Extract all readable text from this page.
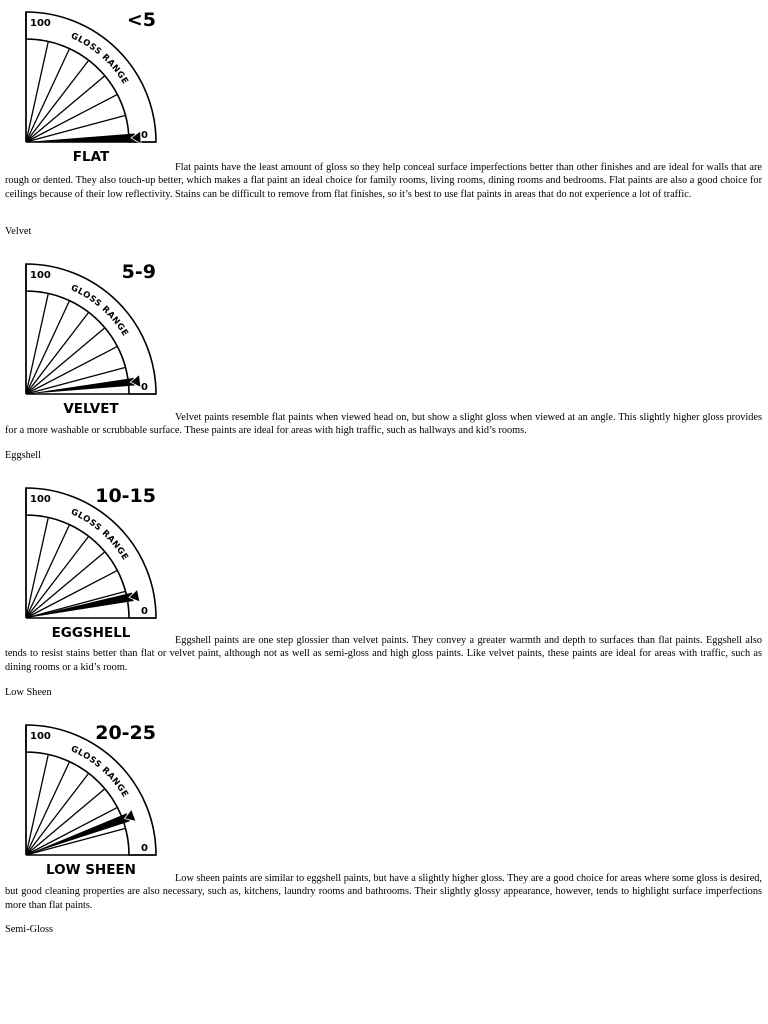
100
0
GLOSS RANGE
<5
FLAT

Flat paints have the least amount of gloss so they help conceal surface imperfections better than other finishes and are ideal for walls that are rough or dented. They also touch-up better, which makes a flat paint an ideal choice for family rooms, living rooms, dining rooms and bedrooms. Flat paints are also a good choice for ceilings because of their low reflectivity. Stains can be difficult to remove from flat finishes, so it’s best to use flat paints in areas that do not experience a lot of traffic.

Velvet

100
0
GLOSS RANGE
5-9
VELVET

Velvet paints resemble flat paints when viewed head on, but show a slight gloss when viewed at an angle. This slightly higher gloss provides for a more washable or scrubbable surface. These paints are ideal for areas with high traffic, such as hallways and kid’s rooms.

Eggshell

100
0
GLOSS RANGE
10-15
EGGSHELL	Eggshell paints are one step glossier than velvet paints. They convey a greater warmth and depth to surfaces than flat paints. Eggshell also tends to resist stains better than flat or velvet paint, although not as well as semi-gloss and high gloss paints. Like velvet paints, these paints are ideal for areas with traffic, such as dining rooms or a kid’s room.

Low Sheen

100
0
GLOSS RANGE
20-25
LOW SHEEN

Low sheen paints are similar to eggshell paints, but have a slightly higher gloss. They are a good choice for areas where some gloss is desired, but good cleaning properties are also necessary, such as, kitchens, laundry rooms and bathrooms. Their slightly glossy appearance, however, tends to highlight surface imperfections more than flat paints.

Semi-Gloss
